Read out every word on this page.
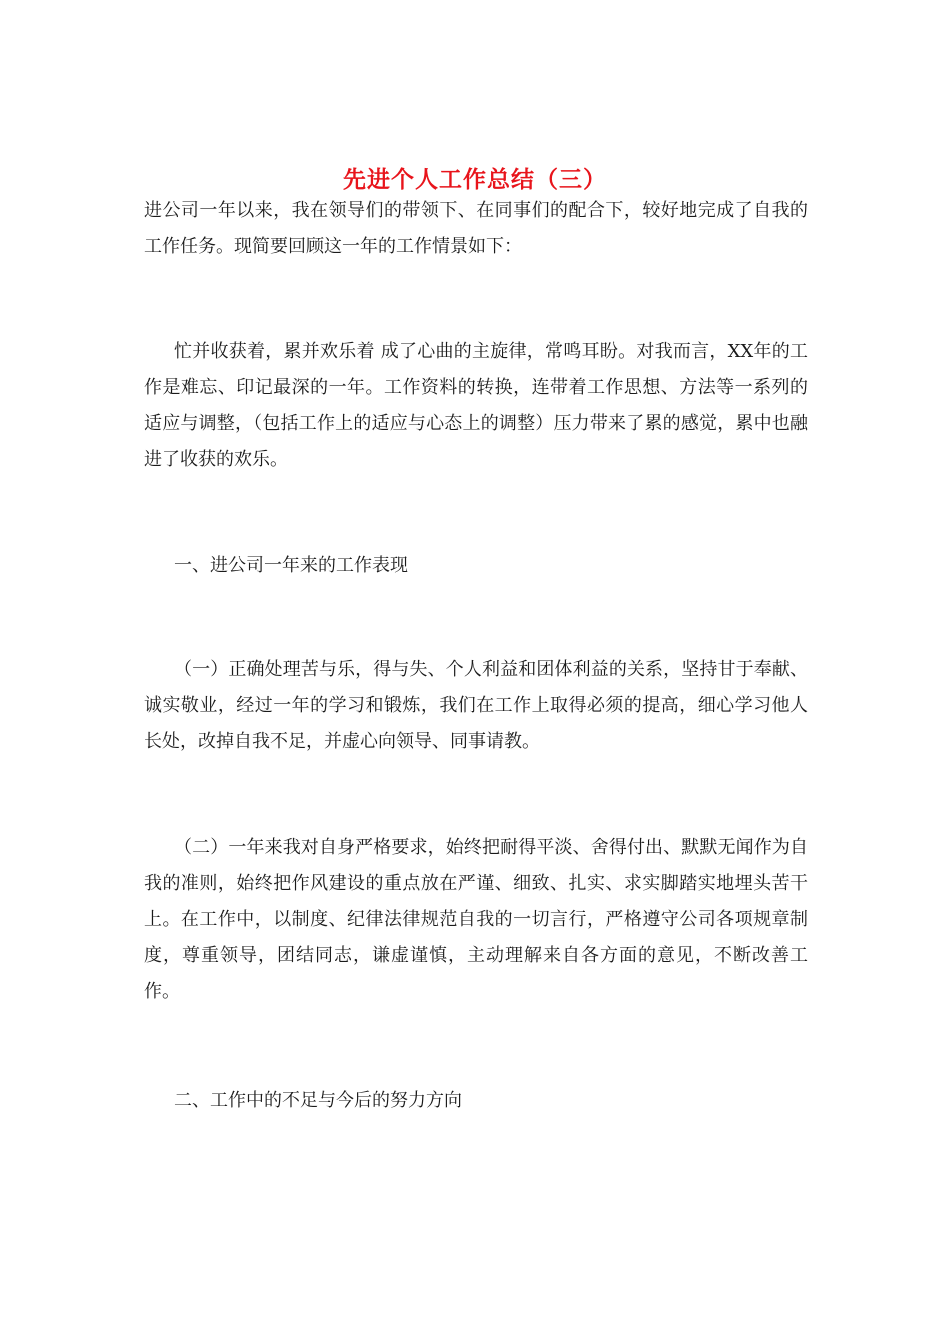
先进个人工作总结（三）

进公司一年以来，我在领导们的带领下、在同事们的配合下，较好地完成了自我的工作任务。现简要回顾这一年的工作情景如下：

忙并收获着，累并欢乐着 成了心曲的主旋律，常鸣耳盼。对我而言，XX年的工作是难忘、印记最深的一年。工作资料的转换，连带着工作思想、方法等一系列的适应与调整，（包括工作上的适应与心态上的调整）压力带来了累的感觉，累中也融进了收获的欢乐。

一、进公司一年来的工作表现

（一）正确处理苦与乐，得与失、个人利益和团体利益的关系，坚持甘于奉献、诚实敬业，经过一年的学习和锻炼，我们在工作上取得必须的提高，细心学习他人长处，改掉自我不足，并虚心向领导、同事请教。

（二）一年来我对自身严格要求，始终把耐得平淡、舍得付出、默默无闻作为自我的准则，始终把作风建设的重点放在严谨、细致、扎实、求实脚踏实地埋头苦干上。在工作中，以制度、纪律法律规范自我的一切言行，严格遵守公司各项规章制度，尊重领导，团结同志，谦虚谨慎，主动理解来自各方面的意见，不断改善工作。

二、工作中的不足与今后的努力方向
